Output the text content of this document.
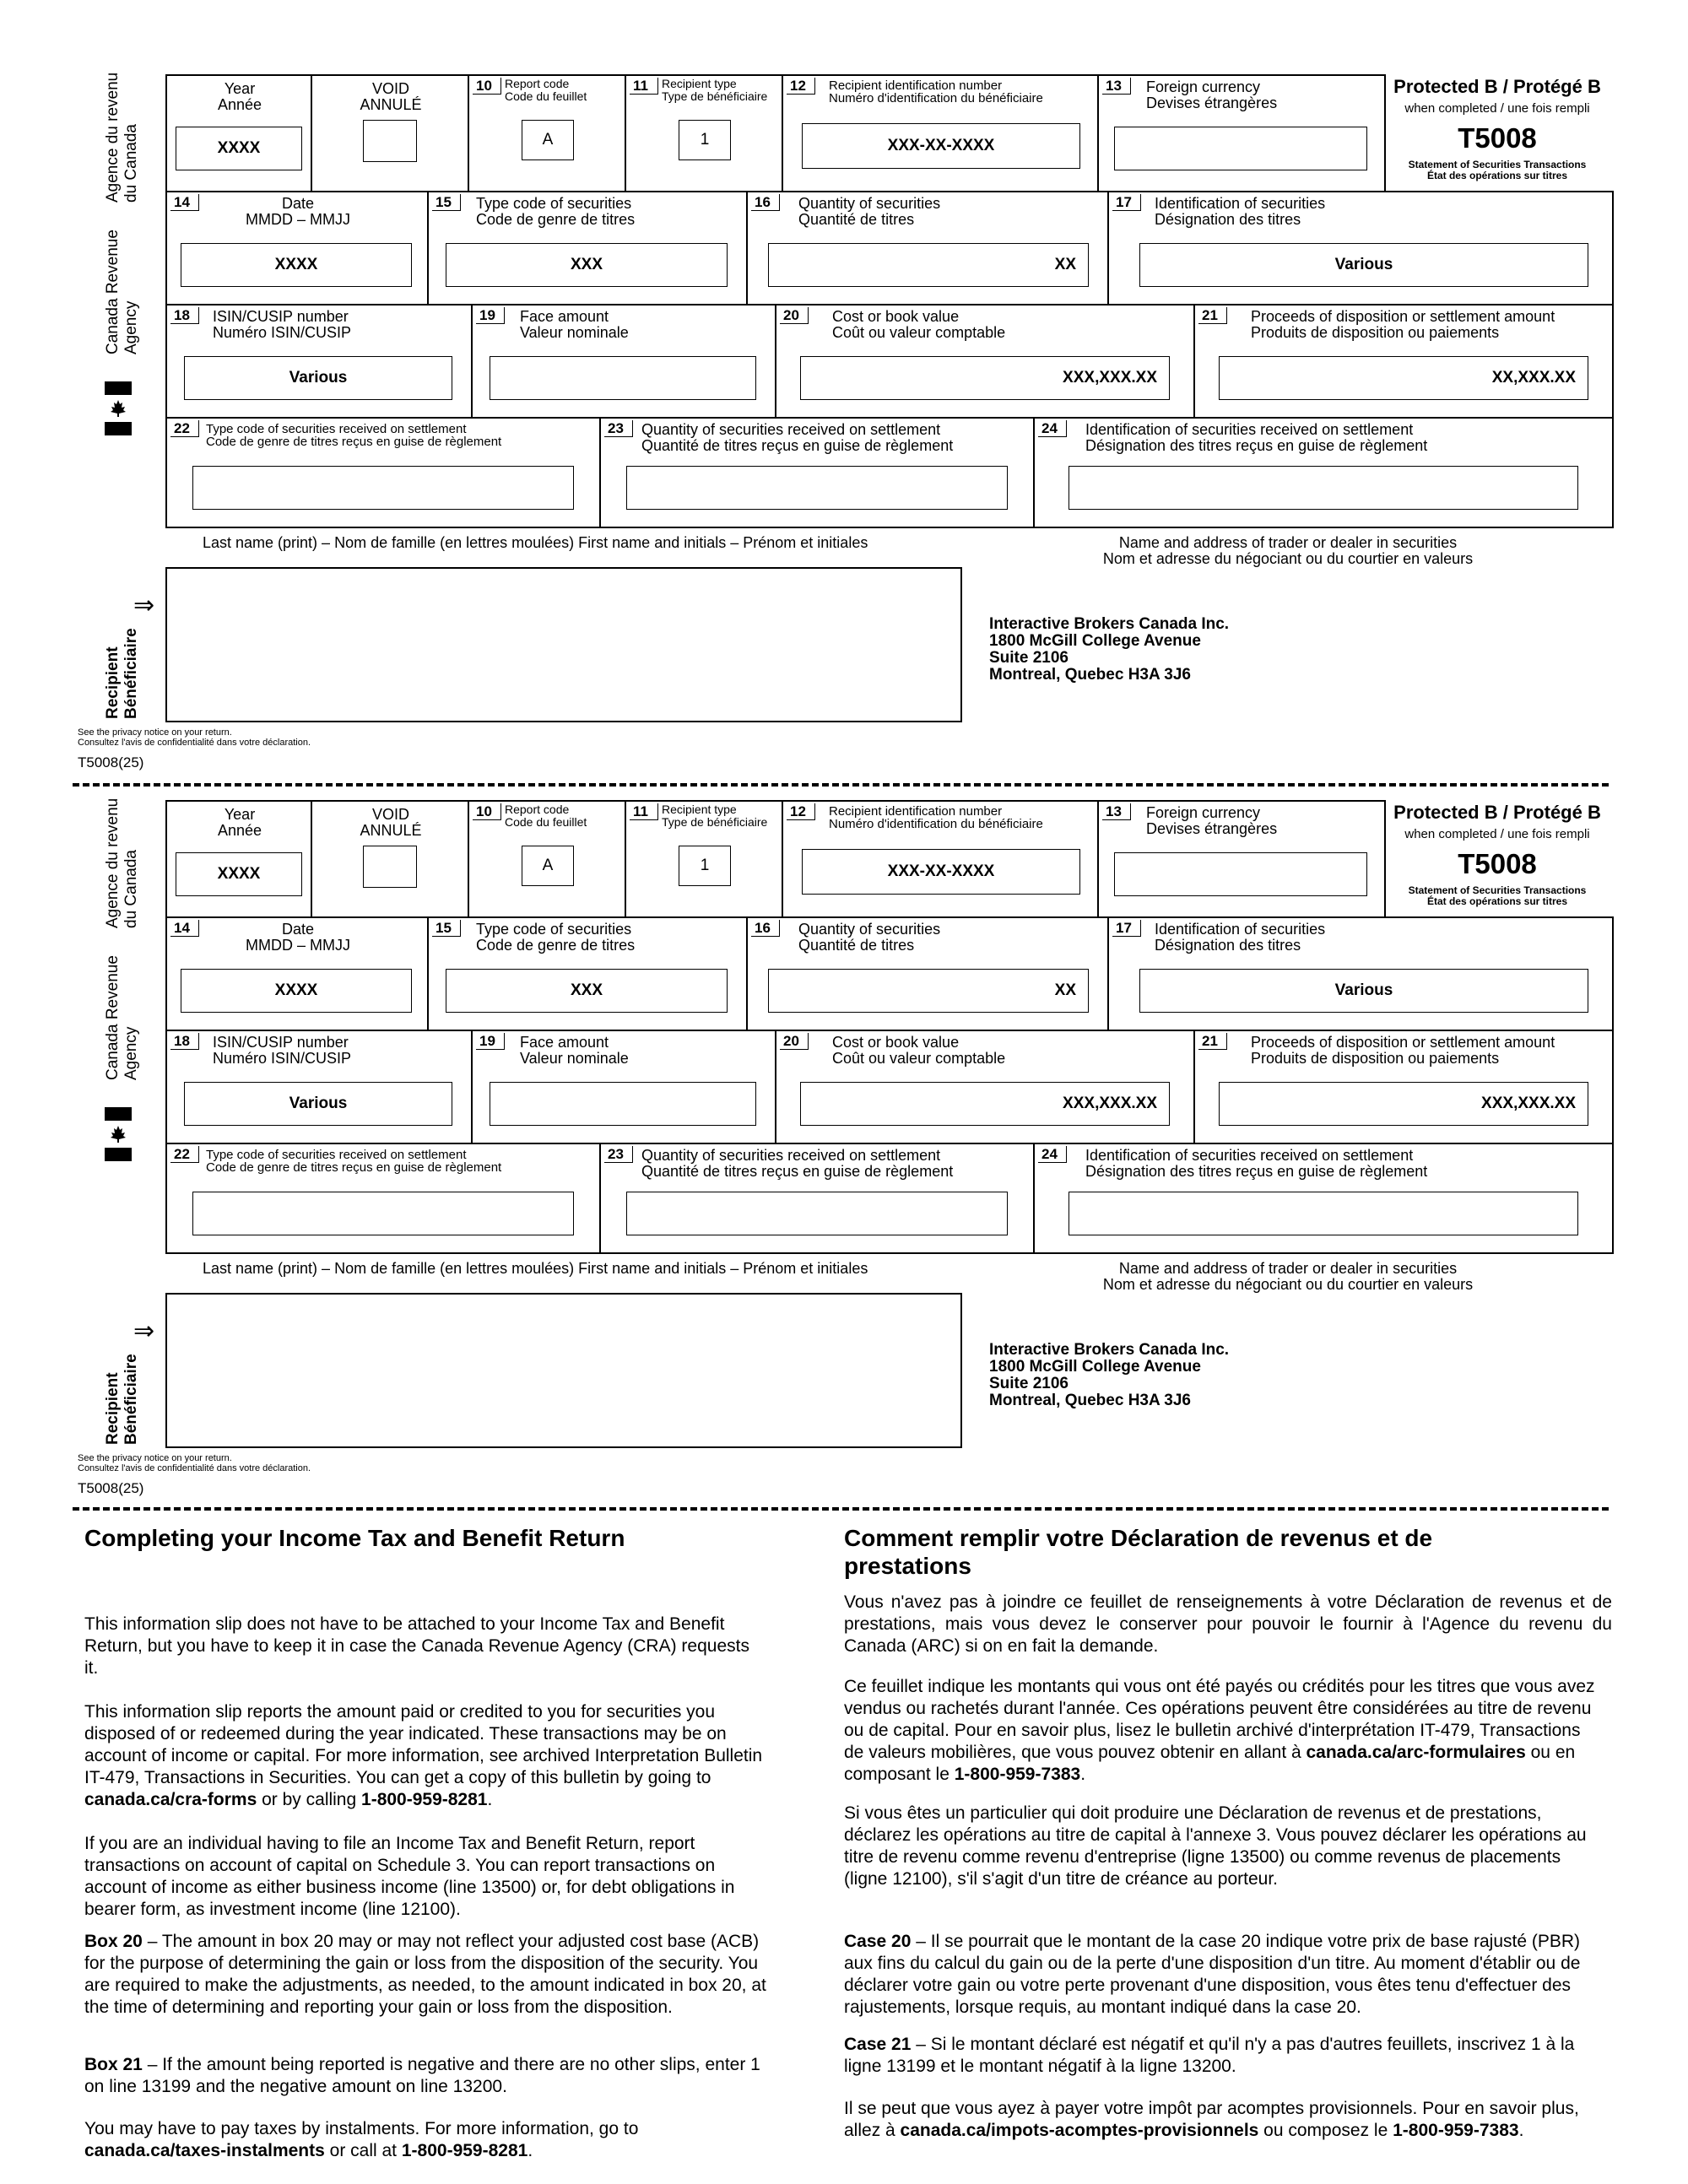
Agence du revenu du Canada
Canada Revenue Agency
Year
Année
XXXX
VOID
ANNULÉ
10	Report code
Code du feuillet
A
11	Recipient type
Type de bénéficiaire
1
12	Recipient identification number
Numéro d'identification du bénéficiaire
XXX-XX-XXXX
13	Foreign currency
Devises étrangères
Protected B / Protégé B
when completed / une fois rempli
T5008
Statement of Securities Transactions
État des opérations sur titres
14	Date
MMDD – MMJJ
XXXX
15	Type code of securities
Code de genre de titres
XXX
16	Quantity of securities
Quantité de titres
XX
17	Identification of securities
Désignation des titres
Various
18	ISIN/CUSIP number
Numéro ISIN/CUSIP
Various
19	Face amount
Valeur nominale
20	Cost or book value
Coût ou valeur comptable
XXX,XXX.XX
21	Proceeds of disposition or settlement amount
Produits de disposition ou paiements
XX,XXX.XX
22	Type code of securities received on settlement
Code de genre de titres reçus en guise de règlement
23	Quantity of securities received on settlement
Quantité de titres reçus en guise de règlement
24	Identification of securities received on settlement
Désignation des titres reçus en guise de règlement
Last name (print) – Nom de famille (en lettres moulées) First name and initials – Prénom et initiales	Name and address of trader or dealer in securities
Nom et adresse du négociant ou du courtier en valeurs
⇒
Recipient Bénéficiaire
Interactive Brokers Canada Inc.
1800 McGill College Avenue
Suite 2106
Montreal, Quebec H3A 3J6
See the privacy notice on your return.
Consultez l'avis de confidentialité dans votre déclaration.
T5008(25)
Agence du revenu du Canada
Canada Revenue Agency
Year
Année
XXXX
VOID
ANNULÉ
10	Report code
Code du feuillet
A
11	Recipient type
Type de bénéficiaire
1
12	Recipient identification number
Numéro d'identification du bénéficiaire
XXX-XX-XXXX
13	Foreign currency
Devises étrangères
Protected B / Protégé B
when completed / une fois rempli
T5008
Statement of Securities Transactions
État des opérations sur titres
14	Date
MMDD – MMJJ
XXXX
15	Type code of securities
Code de genre de titres
XXX
16	Quantity of securities
Quantité de titres
XX
17	Identification of securities
Désignation des titres
Various
18	ISIN/CUSIP number
Numéro ISIN/CUSIP
Various
19	Face amount
Valeur nominale
20	Cost or book value
Coût ou valeur comptable
XXX,XXX.XX
21	Proceeds of disposition or settlement amount
Produits de disposition ou paiements
XXX,XXX.XX
22	Type code of securities received on settlement
Code de genre de titres reçus en guise de règlement
23	Quantity of securities received on settlement
Quantité de titres reçus en guise de règlement
24	Identification of securities received on settlement
Désignation des titres reçus en guise de règlement
Last name (print) – Nom de famille (en lettres moulées) First name and initials – Prénom et initiales	Name and address of trader or dealer in securities
Nom et adresse du négociant ou du courtier en valeurs
⇒
Recipient Bénéficiaire
Interactive Brokers Canada Inc.
1800 McGill College Avenue
Suite 2106
Montreal, Quebec H3A 3J6
See the privacy notice on your return.
Consultez l'avis de confidentialité dans votre déclaration.
T5008(25)
Completing your Income Tax and Benefit Return
This information slip does not have to be attached to your Income Tax and Benefit Return, but you have to keep it in case the Canada Revenue Agency (CRA) requests it.
This information slip reports the amount paid or credited to you for securities you disposed of or redeemed during the year indicated. These transactions may be on account of income or capital. For more information, see archived Interpretation Bulletin IT-479, Transactions in Securities. You can get a copy of this bulletin by going to canada.ca/cra-forms or by calling 1-800-959-8281.
If you are an individual having to file an Income Tax and Benefit Return, report transactions on account of capital on Schedule 3. You can report transactions on account of income as either business income (line 13500) or, for debt obligations in bearer form, as investment income (line 12100).
Box 20 – The amount in box 20 may or may not reflect your adjusted cost base (ACB) for the purpose of determining the gain or loss from the disposition of the security. You are required to make the adjustments, as needed, to the amount indicated in box 20, at the time of determining and reporting your gain or loss from the disposition.
Box 21 – If the amount being reported is negative and there are no other slips, enter 1 on line 13199 and the negative amount on line 13200.
You may have to pay taxes by instalments. For more information, go to canada.ca/taxes-instalments or call at 1-800-959-8281.
Comment remplir votre Déclaration de revenus et de prestations
Vous n'avez pas à joindre ce feuillet de renseignements à votre Déclaration de revenus et de prestations, mais vous devez le conserver pour pouvoir le fournir à l'Agence du revenu du Canada (ARC) si on en fait la demande.
Ce feuillet indique les montants qui vous ont été payés ou crédités pour les titres que vous avez vendus ou rachetés durant l'année. Ces opérations peuvent être considérées au titre de revenu ou de capital. Pour en savoir plus, lisez le bulletin archivé d'interprétation IT-479, Transactions de valeurs mobilières, que vous pouvez obtenir en allant à canada.ca/arc-formulaires ou en composant le 1-800-959-7383.
Si vous êtes un particulier qui doit produire une Déclaration de revenus et de prestations, déclarez les opérations au titre de capital à l'annexe 3. Vous pouvez déclarer les opérations au titre de revenu comme revenu d'entreprise (ligne 13500) ou comme revenus de placements (ligne 12100), s'il s'agit d'un titre de créance au porteur.
Case 20 – Il se pourrait que le montant de la case 20 indique votre prix de base rajusté (PBR) aux fins du calcul du gain ou de la perte d'une disposition d'un titre. Au moment d'établir ou de déclarer votre gain ou votre perte provenant d'une disposition, vous êtes tenu d'effectuer des rajustements, lorsque requis, au montant indiqué dans la case 20.
Case 21 – Si le montant déclaré est négatif et qu'il n'y a pas d'autres feuillets, inscrivez 1 à la ligne 13199 et le montant négatif à la ligne 13200.
Il se peut que vous ayez à payer votre impôt par acomptes provisionnels. Pour en savoir plus, allez à canada.ca/impots-acomptes-provisionnels ou composez le 1-800-959-7383.
